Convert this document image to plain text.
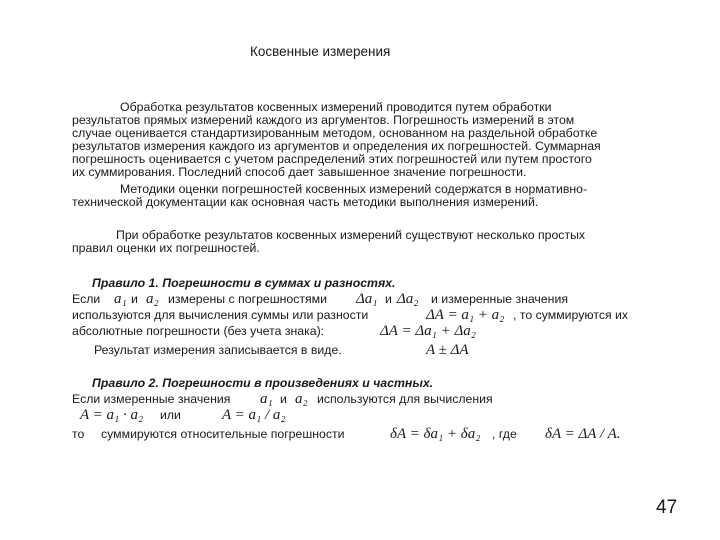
Косвенные измерения
Обработка результатов косвенных измерений проводится путем обработки
результатов прямых измерений каждого из аргументов. Погрешность измерений в этом
случае оценивается стандартизированным методом, основанном на раздельной обработке
результатов измерения каждого из аргументов и определения их погрешностей. Суммарная
погрешность оценивается с учетом распределений этих погрешностей или путем простого
их суммирования. Последний способ дает завышенное значение погрешности.
Методики оценки погрешностей косвенных измерений содержатся в нормативно-
технической документации как основная часть методики выполнения измерений.
При обработке результатов косвенных измерений существуют несколько простых
правил оценки их погрешностей.
Правило 1. Погрешности в суммах и разностях.
Если a₁ и a₂ измерены с погрешностями Δa₁ и Δa₂ и измеренные значения
используются для вычисления суммы или разности	ΔA = a₁ + a₂ , то суммируются их
абсолютные погрешности (без учета знака):	ΔA = Δa₁ + Δa₂
Результат измерения записывается в виде.	A ± ΔA
Правило 2. Погрешности в произведениях и частных.
Если измеренные значения a₁ и a₂ используются для вычисления
A = a₁ · a₂ или	A = a₁ / a₂
то суммируются относительные погрешности	δA = δa₁ + δa₂ , где δA = ΔA / A.
47
